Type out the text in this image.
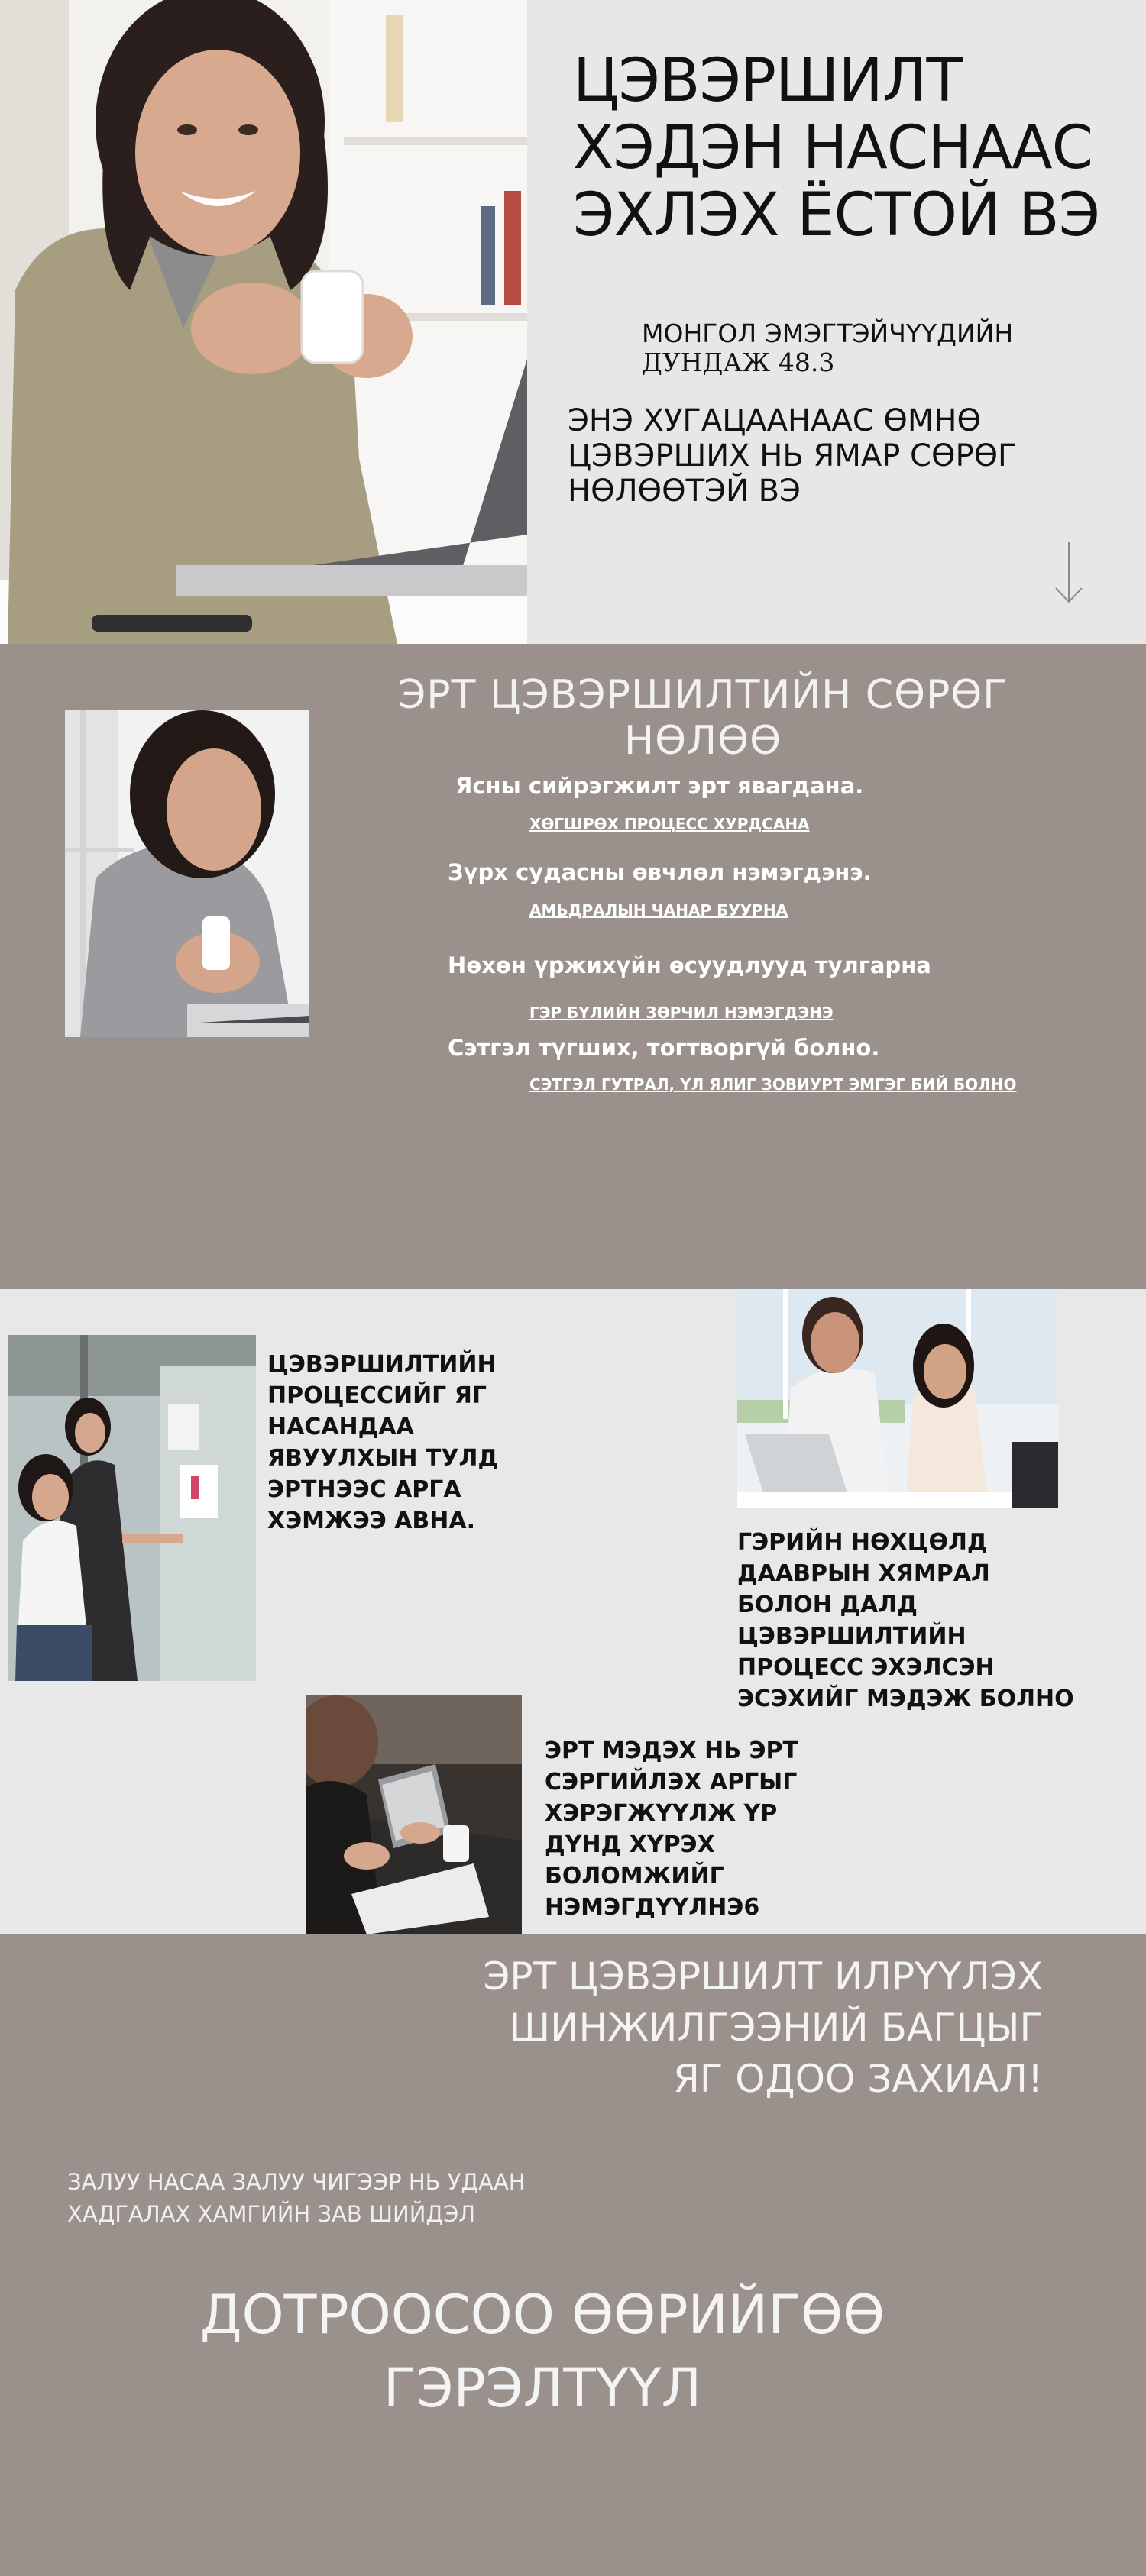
ЦЭВЭРШИЛТ ХЭДЭН НАСНААС ЭХЛЭХ ЁСТОЙ ВЭ
МОНГОЛ ЭМЭГТЭЙЧҮҮДИЙН
ДУНДАЖ 48.3
ЭНЭ ХУГАЦААНААС ӨМНӨ ЦЭВЭРШИХ НЬ ЯМАР СӨРӨГ НӨЛӨӨТЭЙ ВЭ
ЭРТ ЦЭВЭРШИЛТИЙН СӨРӨГ НӨЛӨӨ
Ясны сийрэгжилт эрт явагдана.
ХӨГШРӨХ ПРОЦЕСС ХУРДСАНА
Зүрх судасны өвчлөл нэмэгдэнэ.
АМЬДРАЛЫН ЧАНАР БУУРНА
Нөхөн үржихүйн өсуудлууд тулгарна
ГЭР БҮЛИЙН ЗӨРЧИЛ НЭМЭГДЭНЭ
Сэтгэл түгших, тогтворгүй болно.
СЭТГЭЛ ГУТРАЛ, ҮЛ ЯЛИГ ЗОВИУРТ ЭМГЭГ БИЙ БОЛНО
ЦЭВЭРШИЛТИЙН ПРОЦЕССИЙГ ЯГ НАСАНДАА ЯВУУЛХЫН ТУЛД ЭРТНЭЭС АРГА ХЭМЖЭЭ АВНА.
ГЭРИЙН НӨХЦӨЛД ДААВРЫН ХЯМРАЛ БОЛОН ДАЛД ЦЭВЭРШИЛТИЙН ПРОЦЕСС ЭХЭЛСЭН ЭСЭХИЙГ МЭДЭЖ БОЛНО
ЭРТ МЭДЭХ НЬ ЭРТ СЭРГИЙЛЭХ АРГЫГ ХЭРЭГЖҮҮЛЖ ҮР ДҮНД ХҮРЭХ БОЛОМЖИЙГ НЭМЭГДҮҮЛНЭ6
ЭРТ ЦЭВЭРШИЛТ ИЛРҮҮЛЭХ
ШИНЖИЛГЭЭНИЙ БАГЦЫГ
ЯГ ОДОО ЗАХИАЛ!
ЗАЛУУ НАСАА ЗАЛУУ ЧИГЭЭР НЬ УДААН ХАДГАЛАХ ХАМГИЙН ЗАВ ШИЙДЭЛ
ДОТРООСОО ӨӨРИЙГӨӨ
ГЭРЭЛТҮҮЛ
